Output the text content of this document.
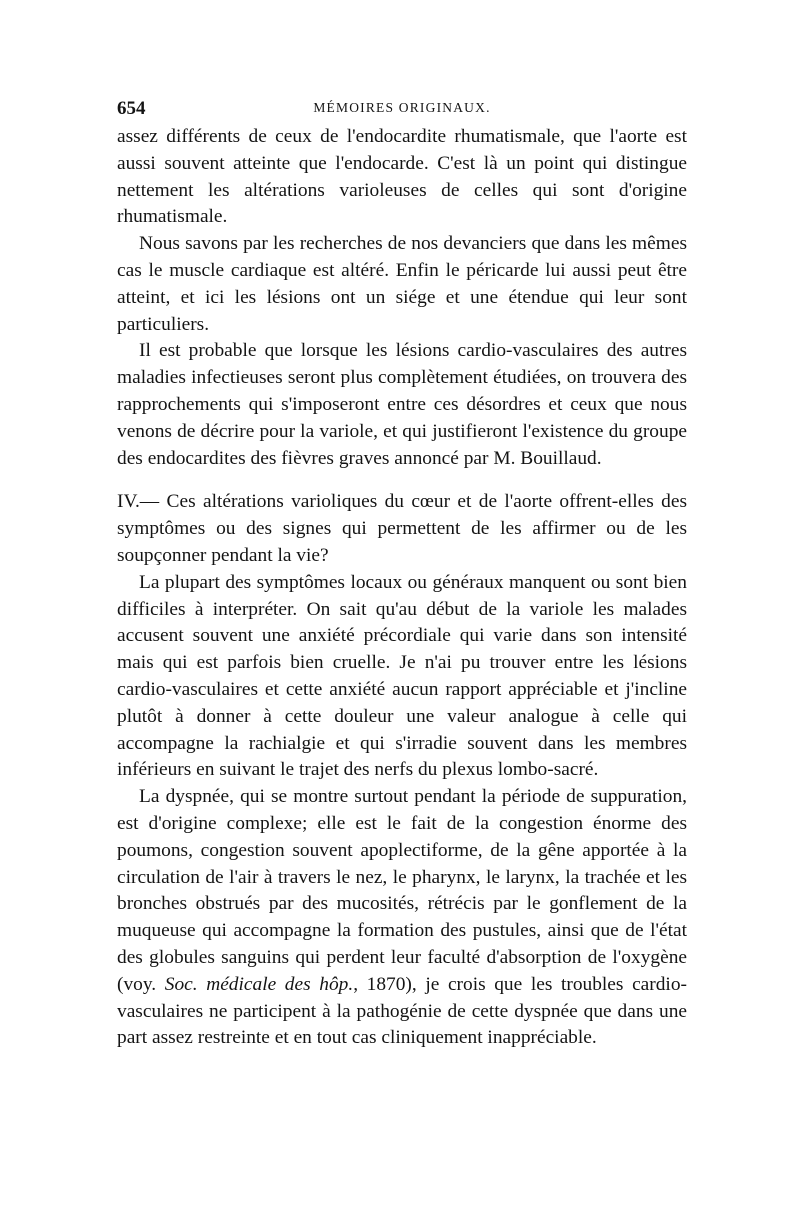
654	MÉMOIRES ORIGINAUX.

assez différents de ceux de l'endocardite rhumatismale, que l'aorte est aussi souvent atteinte que l'endocarde. C'est là un point qui distingue nettement les altérations varioleuses de celles qui sont d'origine rhumatismale.

Nous savons par les recherches de nos devanciers que dans les mêmes cas le muscle cardiaque est altéré. Enfin le péricarde lui aussi peut être atteint, et ici les lésions ont un siége et une étendue qui leur sont particuliers.

Il est probable que lorsque les lésions cardio-vasculaires des autres maladies infectieuses seront plus complètement étudiées, on trouvera des rapprochements qui s'imposeront entre ces désordres et ceux que nous venons de décrire pour la variole, et qui justifieront l'existence du groupe des endocardites des fièvres graves annoncé par M. Bouillaud.

IV.— Ces altérations varioliques du cœur et de l'aorte offrent-elles des symptômes ou des signes qui permettent de les affirmer ou de les soupçonner pendant la vie?

La plupart des symptômes locaux ou généraux manquent ou sont bien difficiles à interpréter. On sait qu'au début de la variole les malades accusent souvent une anxiété précordiale qui varie dans son intensité mais qui est parfois bien cruelle. Je n'ai pu trouver entre les lésions cardio-vasculaires et cette anxiété aucun rapport appréciable et j'incline plutôt à donner à cette douleur une valeur analogue à celle qui accompagne la rachialgie et qui s'irradie souvent dans les membres inférieurs en suivant le trajet des nerfs du plexus lombo-sacré.

La dyspnée, qui se montre surtout pendant la période de suppuration, est d'origine complexe; elle est le fait de la congestion énorme des poumons, congestion souvent apoplectiforme, de la gêne apportée à la circulation de l'air à travers le nez, le pharynx, le larynx, la trachée et les bronches obstrués par des mucosités, rétrécis par le gonflement de la muqueuse qui accompagne la formation des pustules, ainsi que de l'état des globules sanguins qui perdent leur faculté d'absorption de l'oxygène (voy. Soc. médicale des hôp., 1870), je crois que les troubles cardio-vasculaires ne participent à la pathogénie de cette dyspnée que dans une part assez restreinte et en tout cas cliniquement inappréciable.
